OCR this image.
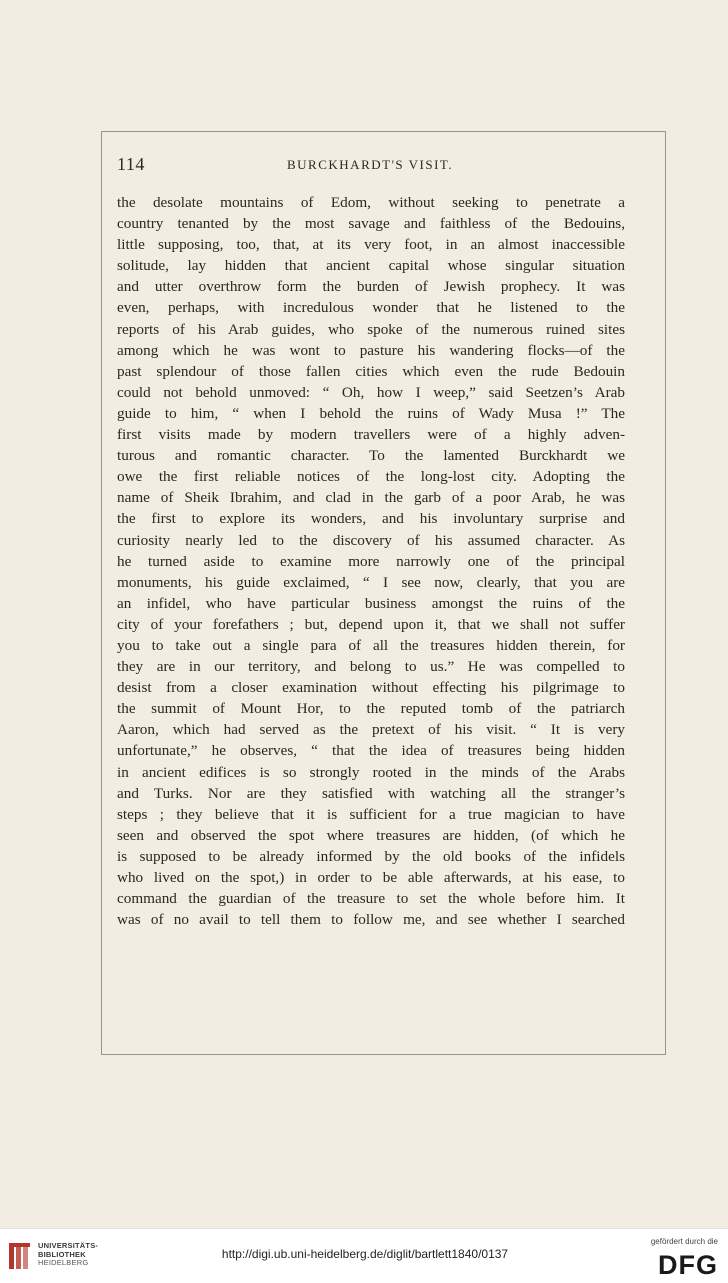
114	BURCKHARDT'S VISIT.
the desolate mountains of Edom, without seeking to penetrate a
country tenanted by the most savage and faithless of the Bedouins,
little supposing, too, that, at its very foot, in an almost inaccessible
solitude, lay hidden that ancient capital whose singular situation
and utter overthrow form the burden of Jewish prophecy. It was
even, perhaps, with incredulous wonder that he listened to the
reports of his Arab guides, who spoke of the numerous ruined sites
among which he was wont to pasture his wandering flocks—of the
past splendour of those fallen cities which even the rude Bedouin
could not behold unmoved: “ Oh, how I weep,” said Seetzen’s Arab
guide to him, “ when I behold the ruins of Wady Musa !” The
first visits made by modern travellers were of a highly adven-
turous and romantic character. To the lamented Burckhardt we
owe the first reliable notices of the long-lost city. Adopting the
name of Sheik Ibrahim, and clad in the garb of a poor Arab, he was
the first to explore its wonders, and his involuntary surprise and
curiosity nearly led to the discovery of his assumed character. As
he turned aside to examine more narrowly one of the principal
monuments, his guide exclaimed, “ I see now, clearly, that you are
an infidel, who have particular business amongst the ruins of the
city of your forefathers ; but, depend upon it, that we shall not suffer
you to take out a single para of all the treasures hidden therein, for
they are in our territory, and belong to us.” He was compelled to
desist from a closer examination without effecting his pilgrimage to
the summit of Mount Hor, to the reputed tomb of the patriarch
Aaron, which had served as the pretext of his visit. “ It is very
unfortunate,” he observes, “ that the idea of treasures being hidden
in ancient edifices is so strongly rooted in the minds of the Arabs
and Turks. Nor are they satisfied with watching all the stranger’s
steps ; they believe that it is sufficient for a true magician to have
seen and observed the spot where treasures are hidden, (of which he
is supposed to be already informed by the old books of the infidels
who lived on the spot,) in order to be able afterwards, at his ease, to
command the guardian of the treasure to set the whole before him. It
was of no avail to tell them to follow me, and see whether I searched
UNIVERSITÄTS-
BIBLIOTHEK
HEIDELBERG
http://digi.ub.uni-heidelberg.de/diglit/bartlett1840/0137
gefördert durch die
DFG
